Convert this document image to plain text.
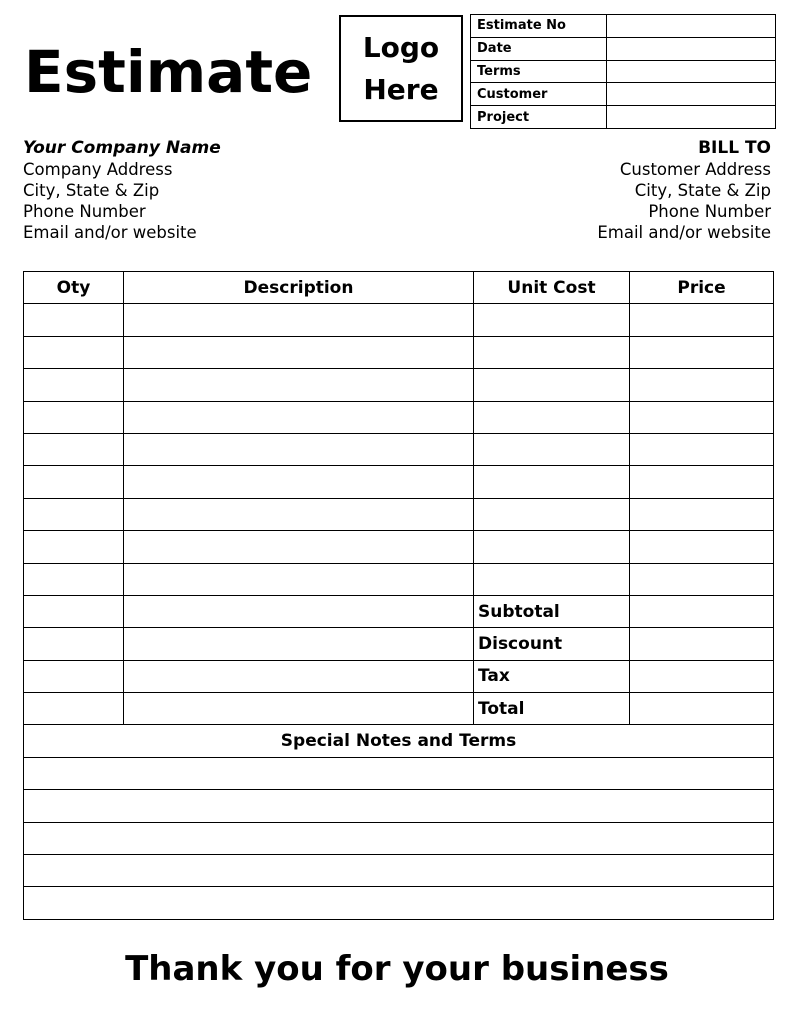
Estimate Logo
Here
Estimate No	
Date	
Terms	
Customer	
Project	
Your Company Name
Company Address
City, State & Zip
Phone Number
Email and/or website
BILL TO
Customer Address
City, State & Zip
Phone Number
Email and/or website
Oty	Description	Unit Cost	Price

		Subtotal	
		Discount	
		Tax	
		Total	
Special Notes and Terms			

Thank you for your business
